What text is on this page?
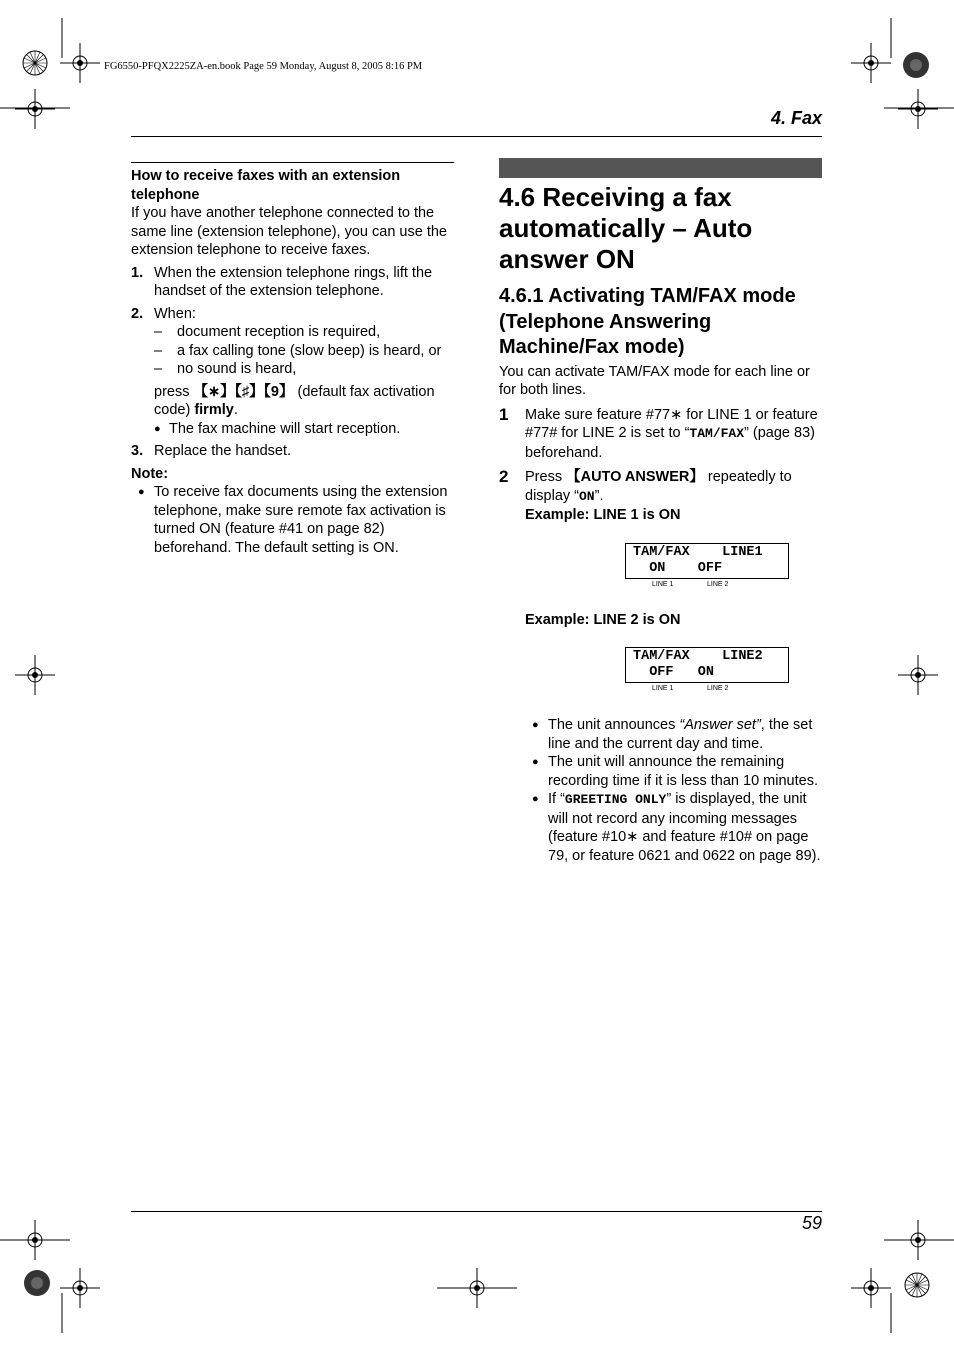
FG6550-PFQX2225ZA-en.book Page 59 Monday, August 8, 2005 8:16 PM
4. Fax
How to receive faxes with an extension telephone
If you have another telephone connected to the same line (extension telephone), you can use the extension telephone to receive faxes.
1. When the extension telephone rings, lift the handset of the extension telephone.
2. When:
–	document reception is required,
–	a fax calling tone (slow beep) is heard, or
–	no sound is heard,
press 【∗】【♯】【9】 (default fax activation code) firmly.
● The fax machine will start reception.
3. Replace the handset.
Note:
● To receive fax documents using the extension telephone, make sure remote fax activation is turned ON (feature #41 on page 82) beforehand. The default setting is ON.
4.6 Receiving a fax automatically – Auto answer ON
4.6.1 Activating TAM/FAX mode (Telephone Answering Machine/Fax mode)
You can activate TAM/FAX mode for each line or for both lines.
1	Make sure feature #77∗ for LINE 1 or feature #77# for LINE 2 is set to “TAM/FAX” (page 83) beforehand.
2	Press 【AUTO ANSWER】 repeatedly to display “ON”.
Example: LINE 1 is ON
TAM/FAX    LINE1
ON    OFF
LINE 1	LINE 2
Example: LINE 2 is ON
TAM/FAX    LINE2
OFF   ON
LINE 1	LINE 2
● The unit announces “Answer set”, the set line and the current day and time.
● The unit will announce the remaining recording time if it is less than 10 minutes.
● If “GREETING ONLY” is displayed, the unit will not record any incoming messages (feature #10∗ and feature #10# on page 79, or feature 0621 and 0622 on page 89).
59
